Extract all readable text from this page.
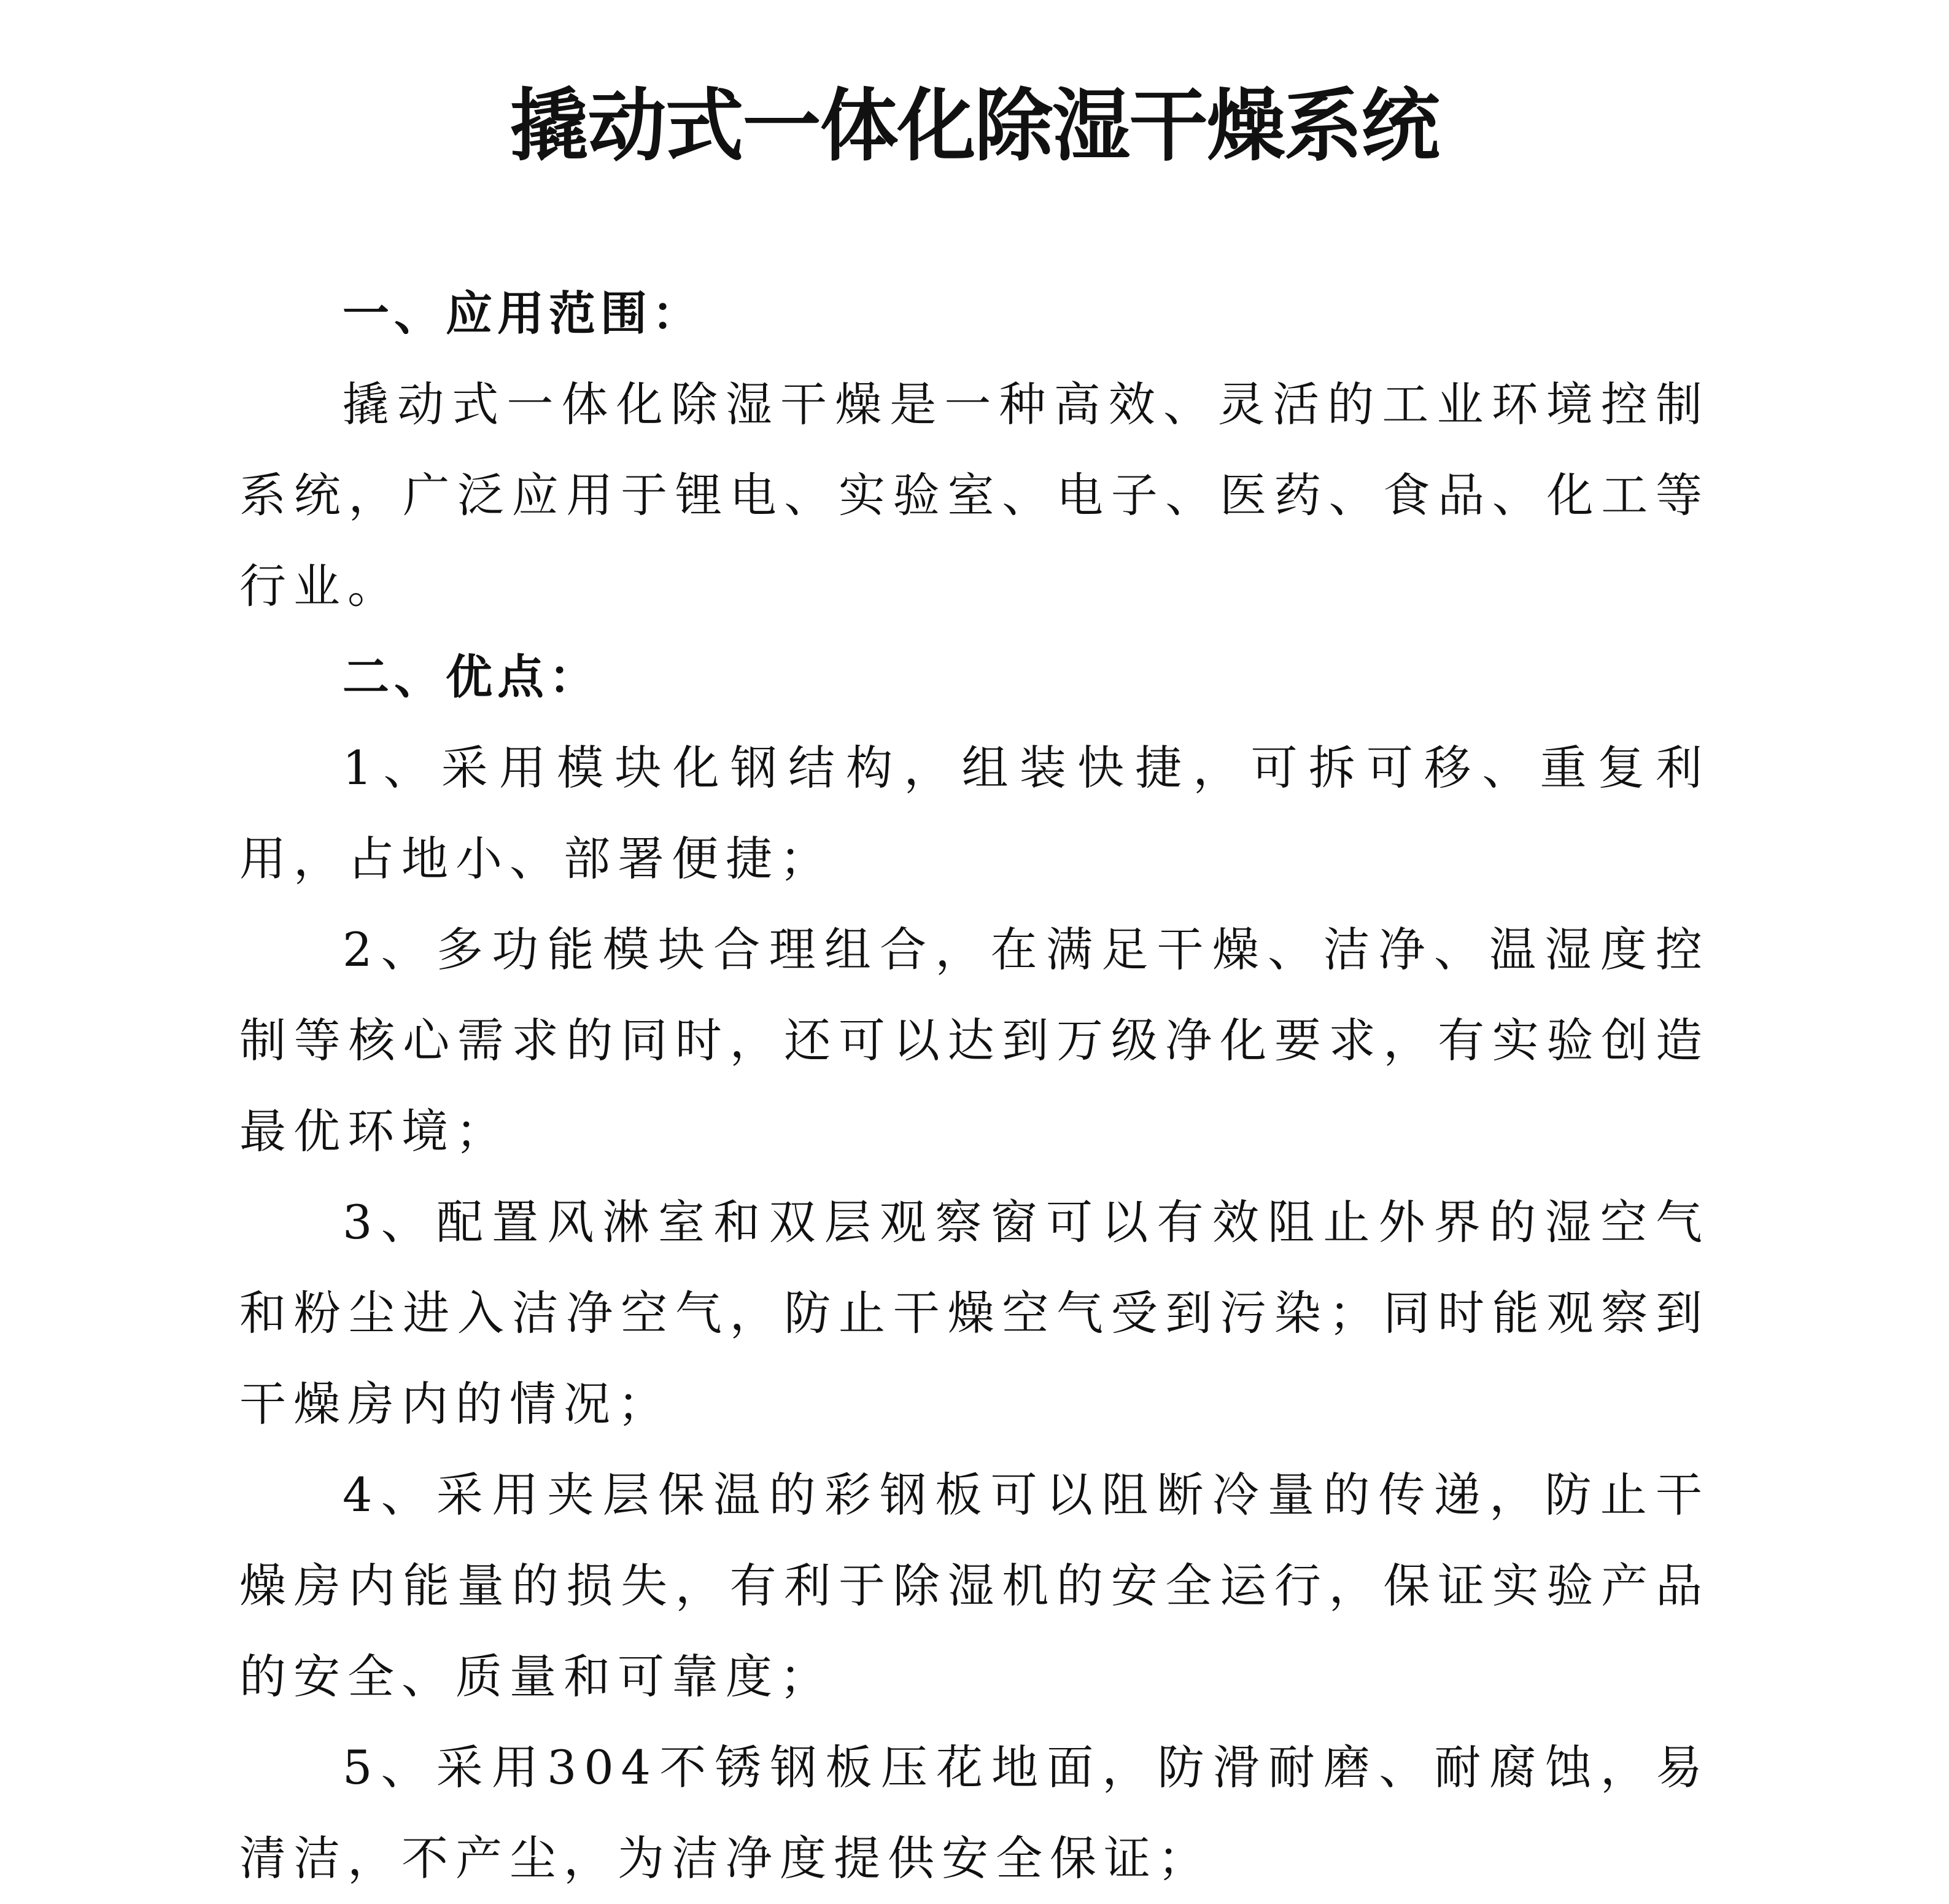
撬动式一体化除湿干燥系统

一、应用范围：

撬动式一体化除湿干燥是一种高效、灵活的工业环境控制系统，广泛应用于锂电、实验室、电子、医药、食品、化工等行业。

二、优点：

1、采用模块化钢结构，组装快捷，可拆可移、重复利用，占地小、部署便捷；

2、多功能模块合理组合，在满足干燥、洁净、温湿度控制等核心需求的同时，还可以达到万级净化要求，有实验创造最优环境；

3、配置风淋室和双层观察窗可以有效阻止外界的湿空气和粉尘进入洁净空气，防止干燥空气受到污染；同时能观察到干燥房内的情况；

4、采用夹层保温的彩钢板可以阻断冷量的传递，防止干燥房内能量的损失，有利于除湿机的安全运行，保证实验产品的安全、质量和可靠度；

5、采用304不锈钢板压花地面，防滑耐磨、耐腐蚀，易清洁，不产尘，为洁净度提供安全保证；
